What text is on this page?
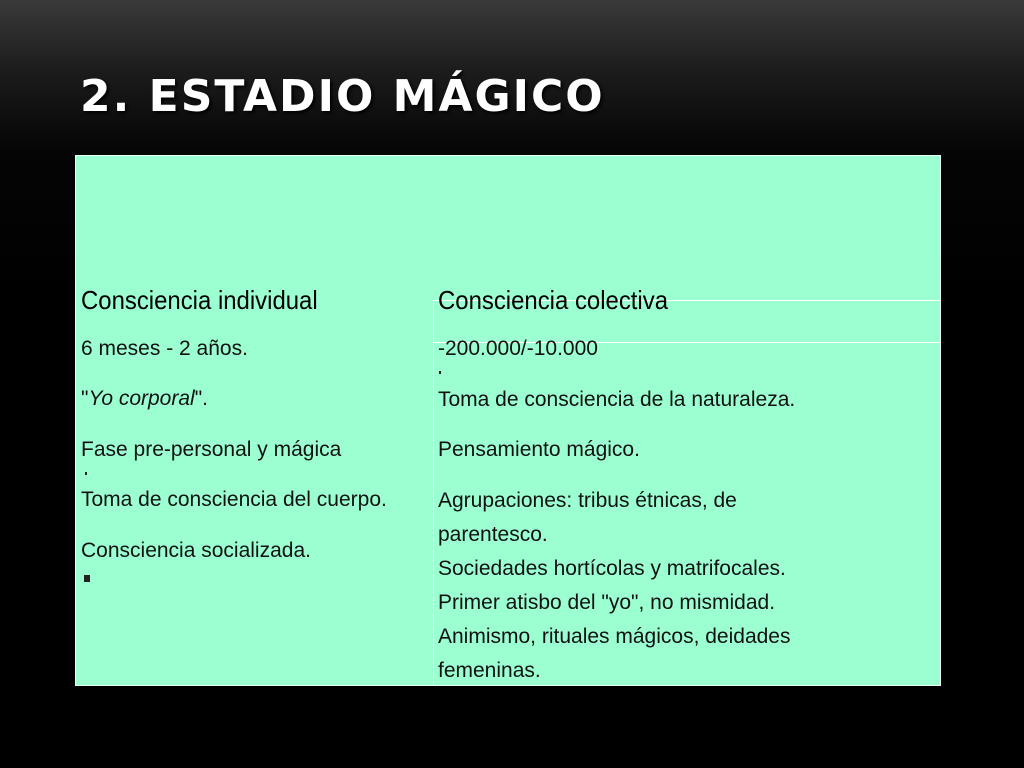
2. ESTADIO MÁGICO
Consciencia individual	Consciencia colectiva
6 meses - 2 años.
"Yo corporal".
Fase pre-personal y mágica
Toma de consciencia del cuerpo.
Consciencia socializada.
-200.000/-10.000
Toma de consciencia de la naturaleza.
Pensamiento mágico.
Agrupaciones: tribus étnicas, de
parentesco.
Sociedades hortícolas y matrifocales.
Primer atisbo del "yo", no mismidad.
Animismo, rituales mágicos, deidades
femeninas.
